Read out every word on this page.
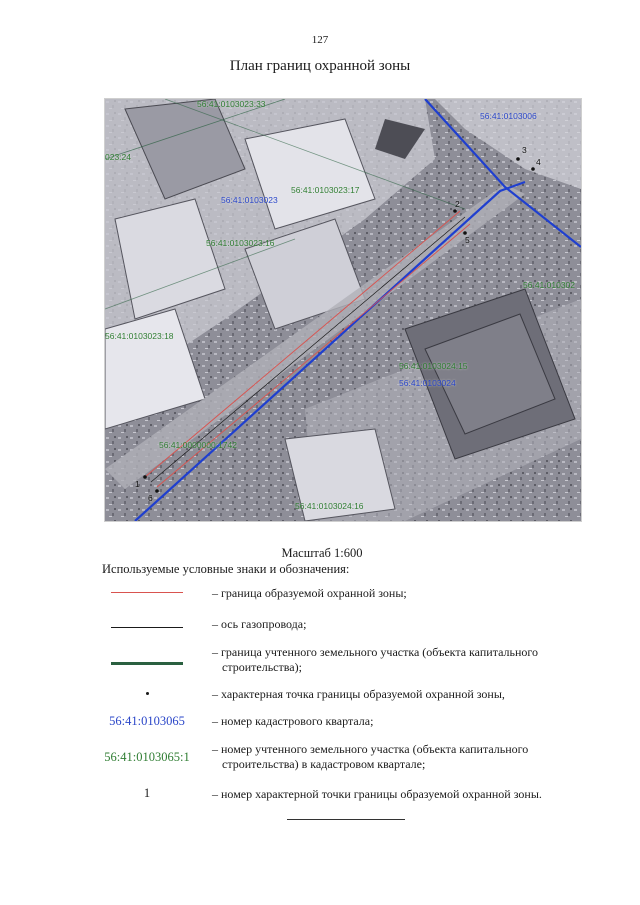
127
План границ охранной зоны
56:41:0103023:33
56:41:0103006
023:24
56:41:0103023:17
56:41:0103023
56:41:0103023:16
56:41:010302
56:41:0103023:18
56:41:0103024:15
56:41:0103024
56:41:0000000:1742
56:41:0103024:16
1
2
3
4
5
6
Масштаб 1:600
Используемые условные знаки и обозначения:
– граница образуемой охранной зоны;
– ось газопровода;
– граница учтенного земельного участка (объекта капитального строительства);
– характерная точка границы образуемой охранной зоны,
56:41:0103065	– номер кадастрового квартала;
56:41:0103065:1
– номер учтенного земельного участка (объекта капитального строительства) в кадастровом квартале;
1	– номер характерной точки границы образуемой охранной зоны.
